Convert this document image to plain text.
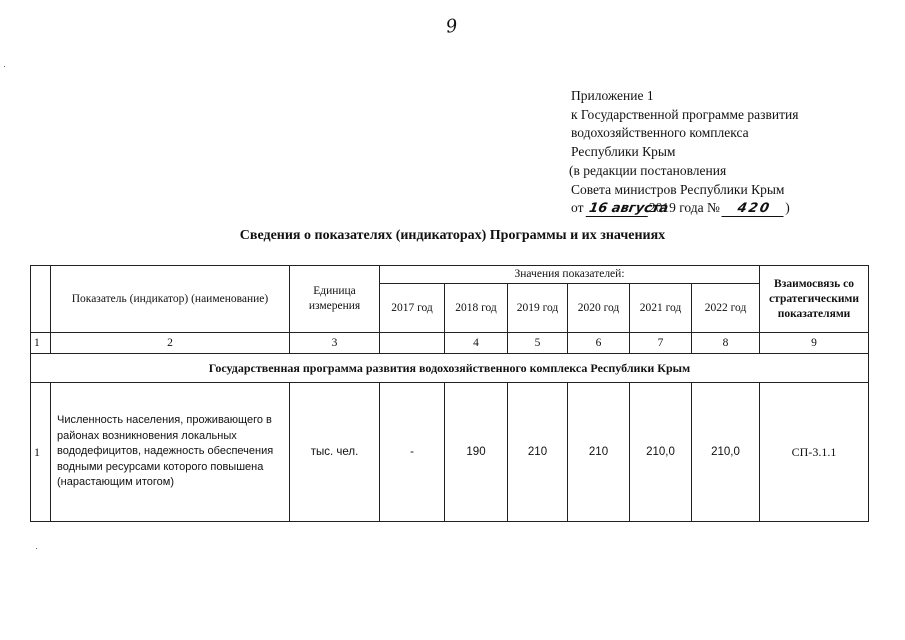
9
Приложение 1
к Государственной программе развития
водохозяйственного комплекса
Республики Крым
(в редакции постановления
Совета министров Республики Крым
от 16 августа2019 года № 420 )
Сведения о показателях (индикаторах) Программы и их значениях
	Показатель (индикатор) (наименование)	Единица измерения	Значения показателей:						Взаимосвязь со стратегическими показателями
			2017 год	2018 год	2019 год	2020 год	2021 год	2022 год	
1	2	3		4	5	6	7	8	9
Государственная программа развития водохозяйственного комплекса Республики Крым									
1	Численность населения, проживающего в районах возникновения локальных вододефицитов, надежность обеспечения водными ресурсами которого повышена (нарастающим итогом)	тыс. чел.	-	190	210	210	210,0	210,0	СП-3.1.1
